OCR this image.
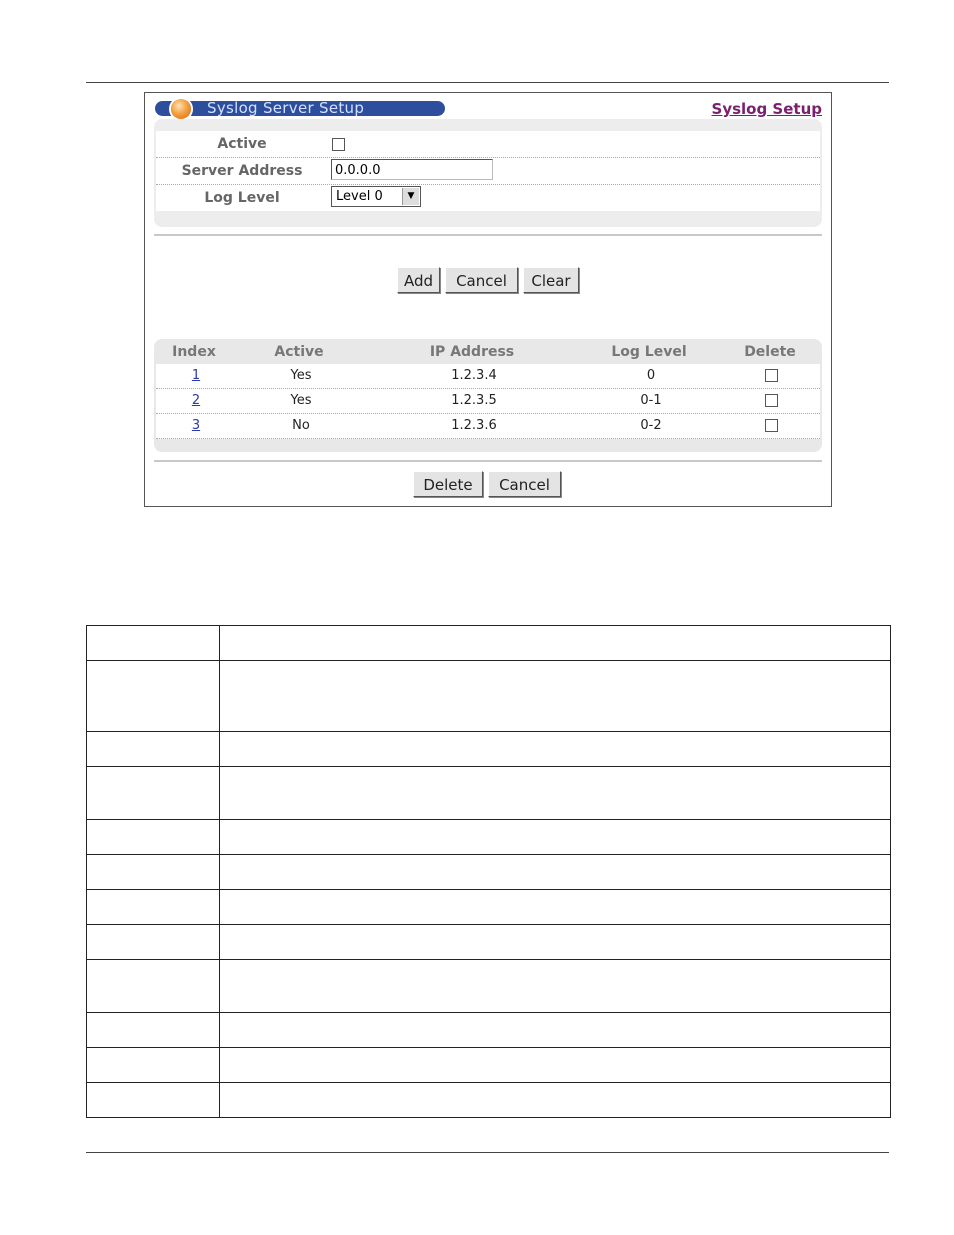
Syslog Server Setup	Syslog Setup
Active
Server Address	0.0.0.0
Log Level	Level 0	▼
Add	Cancel	Clear
Index	Active	IP Address	Log Level	Delete
1	Yes	1.2.3.4	0
2	Yes	1.2.3.5	0-1
3	No	1.2.3.6	0-2
Delete	Cancel
